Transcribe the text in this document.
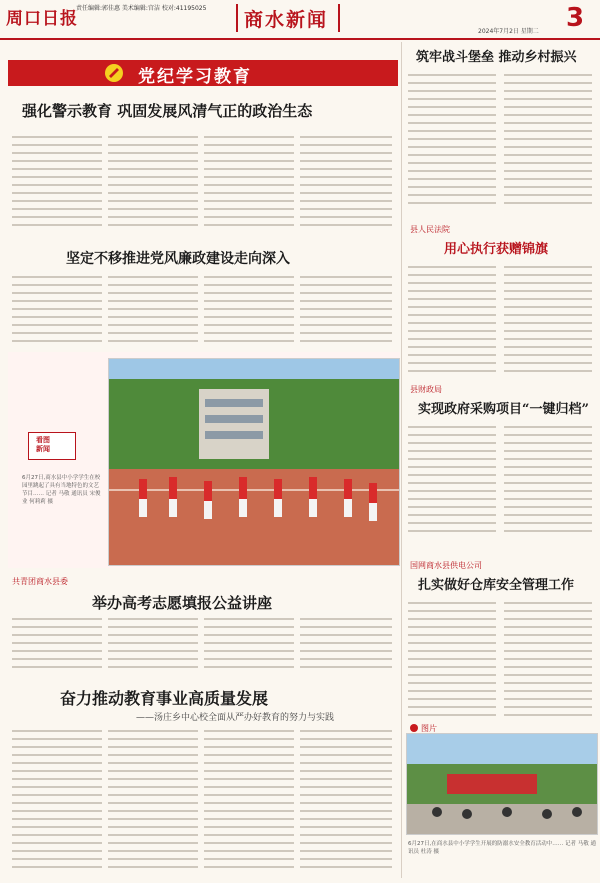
周口日报
责任编辑:郭佳惠 美术编辑:宫洁 校对:41195025
商水新闻
2024年7月2日 星期二 3
党纪学习教育
强化警示教育 巩固发展风清气正的政治生态
坚定不移推进党风廉政建设走向深入
看图
新闻
6月27日,商水县中小学学生在校园里跳起了具有当地特色的文艺节目…… 记者 马敬 通讯员 宋俊业 何莉莉 摄
共青团商水县委
举办高考志愿填报公益讲座
奋力推动教育事业高质量发展
——汤庄乡中心校全面从严办好教育的努力与实践
筑牢战斗堡垒 推动乡村振兴
县人民法院
用心执行获赠锦旗
县财政局
实现政府采购项目“一键归档”
国网商水县供电公司
扎实做好仓库安全管理工作
图片
6月27日,在商水县中小学学生开展的防溺水安全教育活动中…… 记者 马敬 通讯员 杜涛 摄
